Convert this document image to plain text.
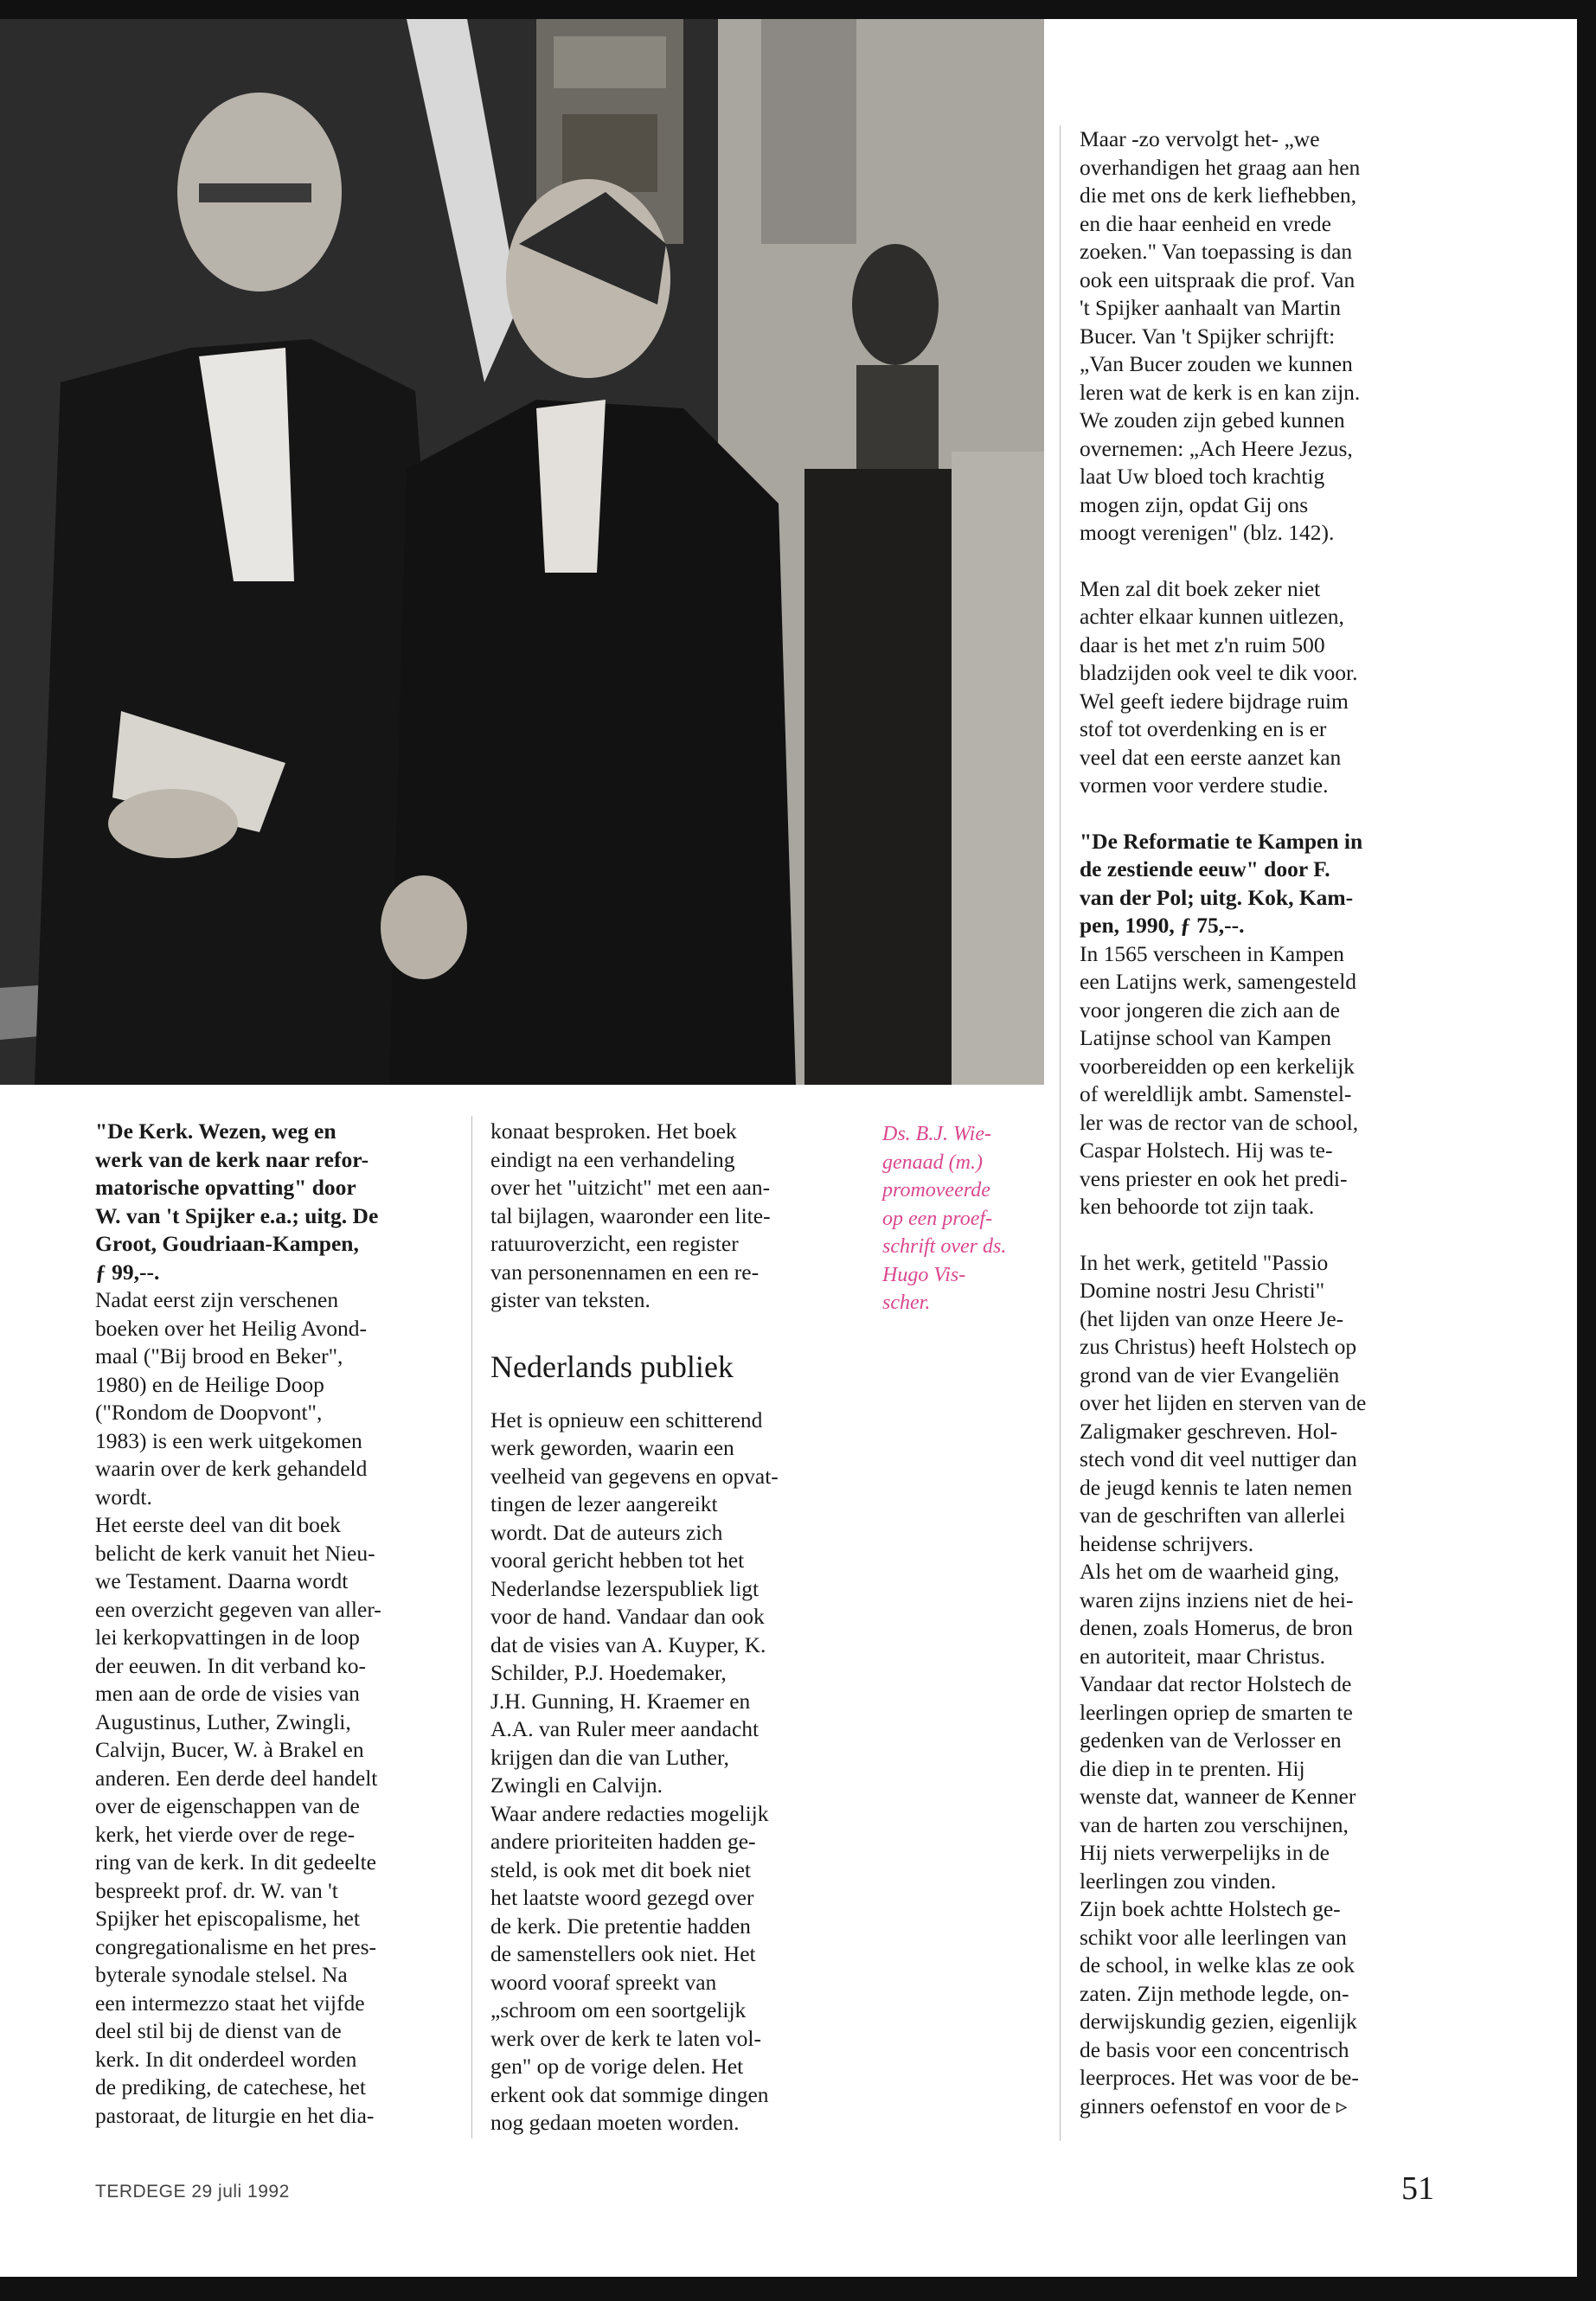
"De Kerk. Wezen, weg en
werk van de kerk naar refor-
matorische opvatting" door
W. van 't Spijker e.a.; uitg. De
Groot, Goudriaan-Kampen,
ƒ 99,--.

Nadat eerst zijn verschenen
boeken over het Heilig Avond-
maal ("Bij brood en Beker",
1980) en de Heilige Doop
("Rondom de Doopvont",
1983) is een werk uitgekomen
waarin over de kerk gehandeld
wordt.
Het eerste deel van dit boek
belicht de kerk vanuit het Nieu-
we Testament. Daarna wordt
een overzicht gegeven van aller-
lei kerkopvattingen in de loop
der eeuwen. In dit verband ko-
men aan de orde de visies van
Augustinus, Luther, Zwingli,
Calvijn, Bucer, W. à Brakel en
anderen. Een derde deel handelt
over de eigenschappen van de
kerk, het vierde over de rege-
ring van de kerk. In dit gedeelte
bespreekt prof. dr. W. van 't
Spijker het episcopalisme, het
congregationalisme en het pres-
byterale synodale stelsel. Na
een intermezzo staat het vijfde
deel stil bij de dienst van de
kerk. In dit onderdeel worden
de prediking, de catechese, het
pastoraat, de liturgie en het dia-

konaat besproken. Het boek
eindigt na een verhandeling
over het "uitzicht" met een aan-
tal bijlagen, waaronder een lite-
ratuuroverzicht, een register
van personennamen en een re-
gister van teksten.

Nederlands publiek

Het is opnieuw een schitterend
werk geworden, waarin een
veelheid van gegevens en opvat-
tingen de lezer aangereikt
wordt. Dat de auteurs zich
vooral gericht hebben tot het
Nederlandse lezerspubliek ligt
voor de hand. Vandaar dan ook
dat de visies van A. Kuyper, K.
Schilder, P.J. Hoedemaker,
J.H. Gunning, H. Kraemer en
A.A. van Ruler meer aandacht
krijgen dan die van Luther,
Zwingli en Calvijn.
Waar andere redacties mogelijk
andere prioriteiten hadden ge-
steld, is ook met dit boek niet
het laatste woord gezegd over
de kerk. Die pretentie hadden
de samenstellers ook niet. Het
woord vooraf spreekt van
„schroom om een soortgelijk
werk over de kerk te laten vol-
gen" op de vorige delen. Het
erkent ook dat sommige dingen
nog gedaan moeten worden.

Ds. B.J. Wie-
genaad (m.)
promoveerde
op een proef-
schrift over ds.
Hugo Vis-
scher.

Maar -zo vervolgt het- „we
overhandigen het graag aan hen
die met ons de kerk liefhebben,
en die haar eenheid en vrede
zoeken." Van toepassing is dan
ook een uitspraak die prof. Van
't Spijker aanhaalt van Martin
Bucer. Van 't Spijker schrijft:
„Van Bucer zouden we kunnen
leren wat de kerk is en kan zijn.
We zouden zijn gebed kunnen
overnemen: „Ach Heere Jezus,
laat Uw bloed toch krachtig
mogen zijn, opdat Gij ons
moogt verenigen" (blz. 142).

Men zal dit boek zeker niet
achter elkaar kunnen uitlezen,
daar is het met z'n ruim 500
bladzijden ook veel te dik voor.
Wel geeft iedere bijdrage ruim
stof tot overdenking en is er
veel dat een eerste aanzet kan
vormen voor verdere studie.

"De Reformatie te Kampen in
de zestiende eeuw" door F.
van der Pol; uitg. Kok, Kam-
pen, 1990, ƒ 75,--.

In 1565 verscheen in Kampen
een Latijns werk, samengesteld
voor jongeren die zich aan de
Latijnse school van Kampen
voorbereidden op een kerkelijk
of wereldlijk ambt. Samenstel-
ler was de rector van de school,
Caspar Holstech. Hij was te-
vens priester en ook het predi-
ken behoorde tot zijn taak.

In het werk, getiteld "Passio
Domine nostri Jesu Christi"
(het lijden van onze Heere Je-
zus Christus) heeft Holstech op
grond van de vier Evangeliën
over het lijden en sterven van de
Zaligmaker geschreven. Hol-
stech vond dit veel nuttiger dan
de jeugd kennis te laten nemen
van de geschriften van allerlei
heidense schrijvers.
Als het om de waarheid ging,
waren zijns inziens niet de hei-
denen, zoals Homerus, de bron
en autoriteit, maar Christus.
Vandaar dat rector Holstech de
leerlingen opriep de smarten te
gedenken van de Verlosser en
die diep in te prenten. Hij
wenste dat, wanneer de Kenner
van de harten zou verschijnen,
Hij niets verwerpelijks in de
leerlingen zou vinden.
Zijn boek achtte Holstech ge-
schikt voor alle leerlingen van
de school, in welke klas ze ook
zaten. Zijn methode legde, on-
derwijskundig gezien, eigenlijk
de basis voor een concentrisch
leerproces. Het was voor de be-
ginners oefenstof en voor de ▹

TERDEGE 29 juli 1992	51
